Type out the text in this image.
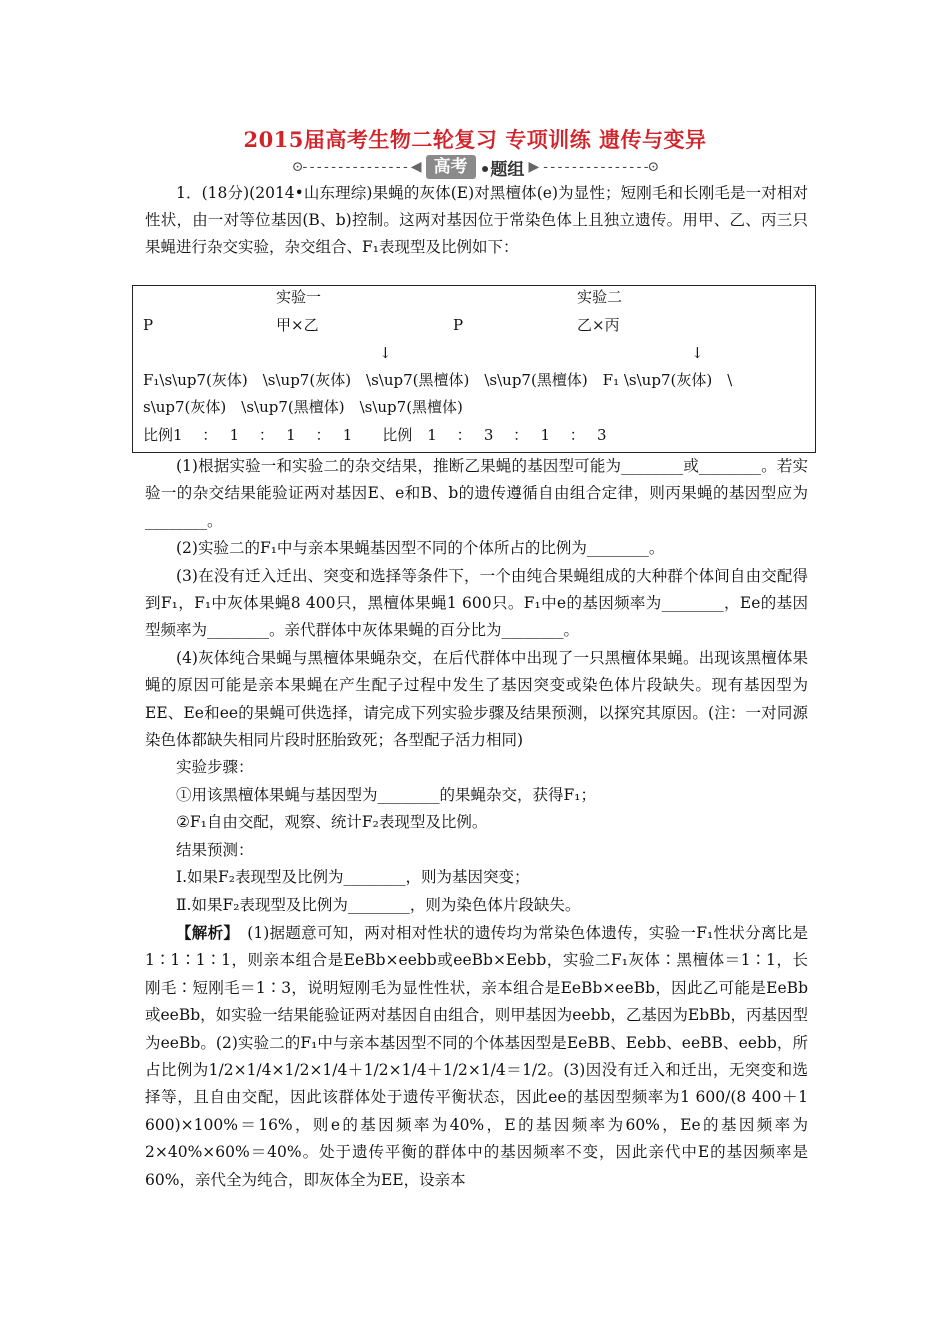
2015届高考生物二轮复习 专项训练 遗传与变异
⊙- - - - - - - - - - - - - - - ◀ 高考 •题组 ▶ - - - - - - - - - - - - - - -⊙

1．(18分)(2014•山东理综)果蝇的灰体(E)对黑檀体(e)为显性；短刚毛和长刚毛是一对相对性状，由一对等位基因(B、b)控制。这两对基因位于常染色体上且独立遗传。用甲、乙、丙三只果蝇进行杂交实验，杂交组合、F₁表现型及比例如下：

实验一	实验二
P	甲×乙	P	乙×丙
↓	↓
F₁\s\up7(灰体)　\s\up7(灰体)　\s\up7(黑檀体)　\s\up7(黑檀体)　F₁ \s\up7(灰体)　\
s\up7(灰体)　\s\up7(黑檀体)　\s\up7(黑檀体)
比例1　 ：　 1　 ：　 1　 ：　 1　　比例　1　 ：　 3　 ：　 1　 ：　 3

(1)根据实验一和实验二的杂交结果，推断乙果蝇的基因型可能为________或________。若实验一的杂交结果能验证两对基因E、e和B、b的遗传遵循自由组合定律，则丙果蝇的基因型应为________。

(2)实验二的F₁中与亲本果蝇基因型不同的个体所占的比例为________。

(3)在没有迁入迁出、突变和选择等条件下，一个由纯合果蝇组成的大种群个体间自由交配得到F₁，F₁中灰体果蝇8 400只，黑檀体果蝇1 600只。F₁中e的基因频率为________，Ee的基因型频率为________。亲代群体中灰体果蝇的百分比为________。

(4)灰体纯合果蝇与黑檀体果蝇杂交，在后代群体中出现了一只黑檀体果蝇。出现该黑檀体果蝇的原因可能是亲本果蝇在产生配子过程中发生了基因突变或染色体片段缺失。现有基因型为EE、Ee和ee的果蝇可供选择，请完成下列实验步骤及结果预测，以探究其原因。(注：一对同源染色体都缺失相同片段时胚胎致死；各型配子活力相同)

实验步骤：

①用该黑檀体果蝇与基因型为________的果蝇杂交，获得F₁；

②F₁自由交配，观察、统计F₂表现型及比例。

结果预测：

Ⅰ.如果F₂表现型及比例为________，则为基因突变；

Ⅱ.如果F₂表现型及比例为________，则为染色体片段缺失。

【解析】　 (1)据题意可知，两对相对性状的遗传均为常染色体遗传，实验一F₁性状分离比是1∶1∶1∶1，则亲本组合是EeBb×eebb或eeBb×Eebb，实验二F₁灰体∶黑檀体＝1∶1，长刚毛∶短刚毛＝1∶3，说明短刚毛为显性性状，亲本组合是EeBb×eeBb，因此乙可能是EeBb或eeBb，如实验一结果能验证两对基因自由组合，则甲基因为eebb，乙基因为EbBb，丙基因型为eeBb。(2)实验二的F₁中与亲本基因型不同的个体基因型是EeBB、Eebb、eeBB、eebb，所占比例为1/2×1/4×1/2×1/4＋1/2×1/4＋1/2×1/4＝1/2。(3)因没有迁入和迁出，无突变和选择等，且自由交配，因此该群体处于遗传平衡状态，因此ee的基因型频率为1 600/(8 400＋1 600)×100%＝16%，则e的基因频率为40%，E的基因频率为60%，Ee的基因频率为2×40%×60%＝40%。处于遗传平衡的群体中的基因频率不变，因此亲代中E的基因频率是60%，亲代全为纯合，即灰体全为EE，设亲本
